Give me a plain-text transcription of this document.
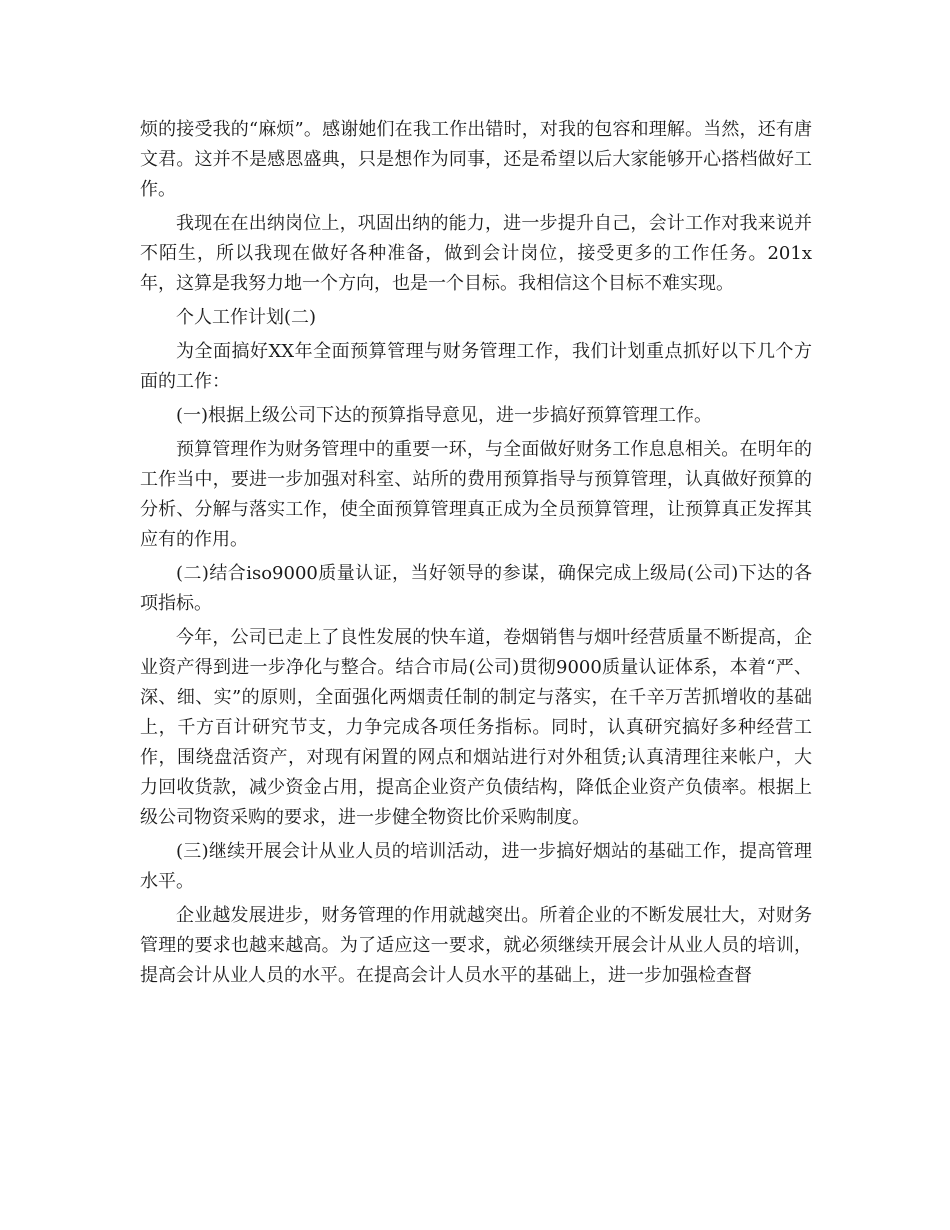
烦的接受我的“麻烦”。感谢她们在我工作出错时，对我的包容和理解。当然，还有唐文君。这并不是感恩盛典，只是想作为同事，还是希望以后大家能够开心搭档做好工作。

我现在在出纳岗位上，巩固出纳的能力，进一步提升自己，会计工作对我来说并不陌生，所以我现在做好各种准备，做到会计岗位，接受更多的工作任务。201x年，这算是我努力地一个方向，也是一个目标。我相信这个目标不难实现。

个人工作计划(二)

为全面搞好XX年全面预算管理与财务管理工作，我们计划重点抓好以下几个方面的工作：

(一)根据上级公司下达的预算指导意见，进一步搞好预算管理工作。

预算管理作为财务管理中的重要一环，与全面做好财务工作息息相关。在明年的工作当中，要进一步加强对科室、站所的费用预算指导与预算管理，认真做好预算的分析、分解与落实工作，使全面预算管理真正成为全员预算管理，让预算真正发挥其应有的作用。

(二)结合iso9000质量认证，当好领导的参谋，确保完成上级局(公司)下达的各项指标。

今年，公司已走上了良性发展的快车道，卷烟销售与烟叶经营质量不断提高，企业资产得到进一步净化与整合。结合市局(公司)贯彻9000质量认证体系，本着“严、深、细、实”的原则，全面强化两烟责任制的制定与落实，在千辛万苦抓增收的基础上，千方百计研究节支，力争完成各项任务指标。同时，认真研究搞好多种经营工作，围绕盘活资产，对现有闲置的网点和烟站进行对外租赁;认真清理往来帐户，大力回收货款，减少资金占用，提高企业资产负债结构，降低企业资产负债率。根据上级公司物资采购的要求，进一步健全物资比价采购制度。

(三)继续开展会计从业人员的培训活动，进一步搞好烟站的基础工作，提高管理水平。

企业越发展进步，财务管理的作用就越突出。所着企业的不断发展壮大，对财务管理的要求也越来越高。为了适应这一要求，就必须继续开展会计从业人员的培训，提高会计从业人员的水平。在提高会计人员水平的基础上，进一步加强检查督
